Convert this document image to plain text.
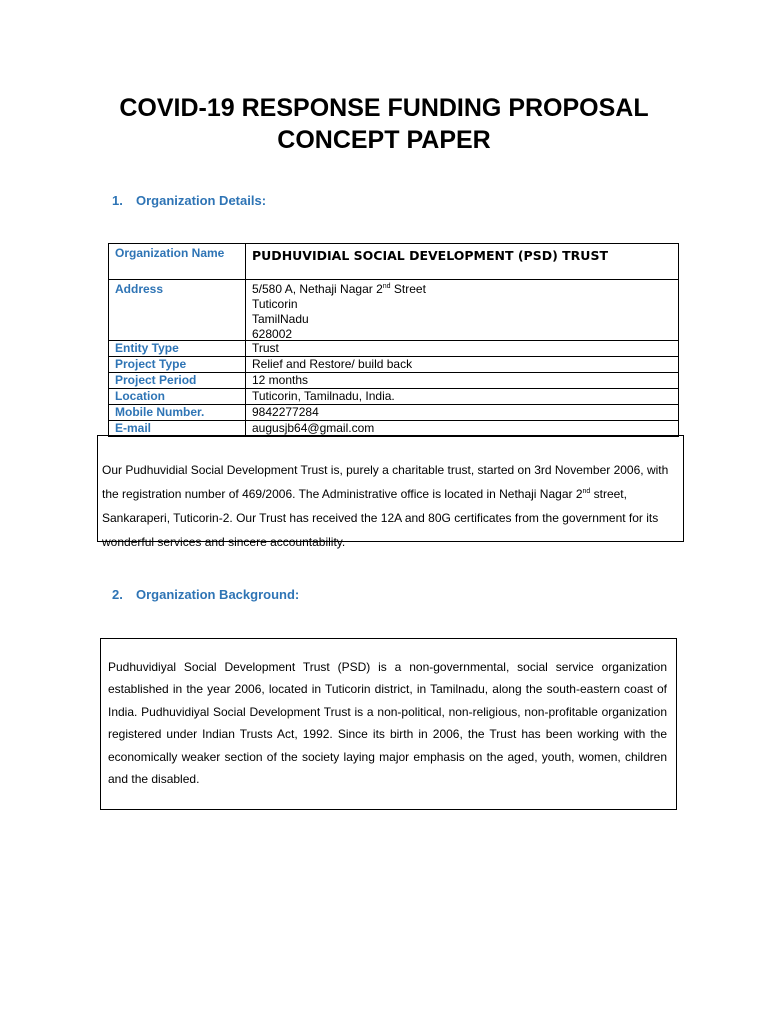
COVID-19 RESPONSE FUNDING PROPOSAL
CONCEPT PAPER
1. Organization Details:
Organization Name	PUDHUVIDIAL SOCIAL DEVELOPMENT (PSD) TRUST
Address	5/580 A, Nethaji Nagar 2nd Street
Tuticorin
TamilNadu
628002
Entity Type	Trust
Project Type	Relief and Restore/ build back
Project Period	12 months
Location	Tuticorin, Tamilnadu, India.
Mobile Number.	9842277284
E-mail	augusjb64@gmail.com

Our Pudhuvidial Social Development Trust is, purely a charitable trust, started on 3rd November 2006, with the registration number of 469/2006. The Administrative office is located in Nethaji Nagar 2nd street, Sankaraperi, Tuticorin-2. Our Trust has received the 12A and 80G certificates from the government for its wonderful services and sincere accountability.

2. Organization Background:

Pudhuvidiyal Social Development Trust (PSD) is a non-governmental, social service organization established in the year 2006, located in Tuticorin district, in Tamilnadu, along the south-eastern coast of India. Pudhuvidiyal Social Development Trust is a non-political, non-religious, non-profitable organization registered under Indian Trusts Act, 1992. Since its birth in 2006, the Trust has been working with the economically weaker section of the society laying major emphasis on the aged, youth, women, children and the disabled.
